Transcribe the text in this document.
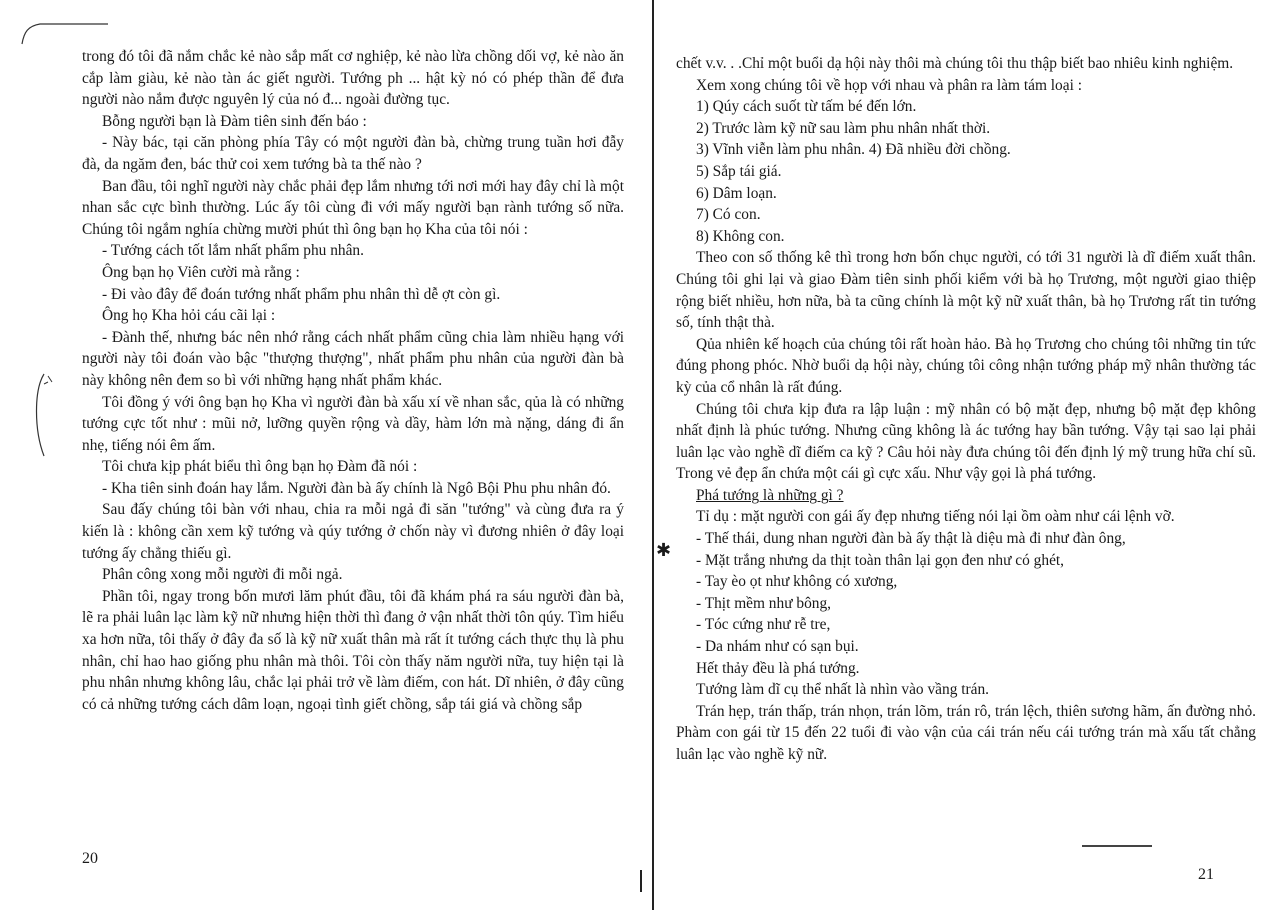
trong đó tôi đã nắm chắc kẻ nào sắp mất cơ nghiệp, kẻ nào lừa chồng dối vợ, kẻ nào ăn cắp làm giàu, kẻ nào tàn ác giết người. Tướng ph ... hật kỳ nó có phép thần để đưa người nào nắm được nguyên lý của nó đ... ngoài đường tục.

Bỗng người bạn là Đàm tiên sinh đến báo :

- Này bác, tại căn phòng phía Tây có một người đàn bà, chừng trung tuần hơi đẫy đà, da ngăm đen, bác thử coi xem tướng bà ta thế nào ?

Ban đầu, tôi nghĩ người này chắc phải đẹp lắm nhưng tới nơi mới hay đây chỉ là một nhan sắc cực bình thường. Lúc ấy tôi cùng đi với mấy người bạn rành tướng số nữa. Chúng tôi ngắm nghía chừng mười phút thì ông bạn họ Kha của tôi nói :

- Tướng cách tốt lắm nhất phẩm phu nhân.

Ông bạn họ Viên cười mà rằng :

- Đi vào đây để đoán tướng nhất phẩm phu nhân thì dễ ợt còn gì.

Ông họ Kha hỏi cáu cãi lại :

- Đành thế, nhưng bác nên nhớ rằng cách nhất phẩm cũng chia làm nhiều hạng với người này tôi đoán vào bậc "thượng thượng", nhất phẩm phu nhân của người đàn bà này không nên đem so bì với những hạng nhất phẩm khác.

Tôi đồng ý với ông bạn họ Kha vì người đàn bà xấu xí về nhan sắc, qủa là có những tướng cực tốt như : mũi nở, lưỡng quyền rộng và dầy, hàm lớn mà nặng, dáng đi ẩn nhẹ, tiếng nói êm ấm.

Tôi chưa kịp phát biểu thì ông bạn họ Đàm đã nói :

- Kha tiên sinh đoán hay lắm. Người đàn bà ấy chính là Ngô Bội Phu phu nhân đó.

Sau đấy chúng tôi bàn với nhau, chia ra mỗi ngả đi săn "tướng" và cùng đưa ra ý kiến là : không cần xem kỹ tướng và qúy tướng ở chốn này vì đương nhiên ở đây loại tướng ấy chẳng thiếu gì.

Phân công xong mỗi người đi mỗi ngả.

Phần tôi, ngay trong bốn mươi lăm phút đầu, tôi đã khám phá ra sáu người đàn bà, lẽ ra phải luân lạc làm kỹ nữ nhưng hiện thời thì đang ở vận nhất thời tôn qúy. Tìm hiểu xa hơn nữa, tôi thấy ở đây đa số là kỹ nữ xuất thân mà rất ít tướng cách thực thụ là phu nhân, chỉ hao hao giống phu nhân mà thôi. Tôi còn thấy năm người nữa, tuy hiện tại là phu nhân nhưng không lâu, chắc lại phải trở về làm điếm, con hát. Dĩ nhiên, ở đây cũng có cả những tướng cách dâm loạn, ngoại tình giết chồng, sắp tái giá và chồng sắp

20
✱

chết v.v. . .Chỉ một buổi dạ hội này thôi mà chúng tôi thu thập biết bao nhiêu kinh nghiệm.

Xem xong chúng tôi về họp với nhau và phân ra làm tám loại :

1) Qúy cách suốt từ tấm bé đến lớn.

2) Trước làm kỹ nữ sau làm phu nhân nhất thời.

3) Vĩnh viễn làm phu nhân. 4) Đã nhiều đời chồng.

5) Sắp tái giá.

6) Dâm loạn.

7) Có con.

8) Không con.

Theo con số thống kê thì trong hơn bốn chục người, có tới 31 người là dĩ điếm xuất thân. Chúng tôi ghi lại và giao Đàm tiên sinh phối kiểm với bà họ Trương, một người giao thiệp rộng biết nhiều, hơn nữa, bà ta cũng chính là một kỹ nữ xuất thân, bà họ Trương rất tin tướng số, tính thật thà.

Qủa nhiên kế hoạch của chúng tôi rất hoàn hảo. Bà họ Trương cho chúng tôi những tin tức đúng phong phóc. Nhờ buổi dạ hội này, chúng tôi công nhận tướng pháp mỹ nhân thường tác kỳ của cổ nhân là rất đúng.

Chúng tôi chưa kịp đưa ra lập luận : mỹ nhân có bộ mặt đẹp, nhưng bộ mặt đẹp không nhất định là phúc tướng. Nhưng cũng không là ác tướng hay bần tướng. Vậy tại sao lại phải luân lạc vào nghề dĩ điếm ca kỹ ? Câu hỏi này đưa chúng tôi đến định lý mỹ trung hữa chí sũ. Trong vẻ đẹp ẩn chứa một cái gì cực xấu. Như vậy gọi là phá tướng.

Phá tướng là những gì ?

Tỉ dụ : mặt người con gái ấy đẹp nhưng tiếng nói lại ồm oàm như cái lệnh vỡ.

- Thế thái, dung nhan người đàn bà ấy thật là diệu mà đi như đàn ông,

- Mặt trắng nhưng da thịt toàn thân lại gọn đen như có ghét,

- Tay èo ọt như không có xương,

- Thịt mềm như bông,

- Tóc cứng như rễ tre,

- Da nhám như có sạn bụi.

Hết thảy đều là phá tướng.

Tướng làm dĩ cụ thể nhất là nhìn vào vầng trán.

Trán hẹp, trán thấp, trán nhọn, trán lõm, trán rô, trán lệch, thiên sương hãm, ấn đường nhỏ. Phàm con gái từ 15 đến 22 tuổi đi vào vận của cái trán nếu cái tướng trán mà xấu tất chẳng luân lạc vào nghề kỹ nữ.

21
